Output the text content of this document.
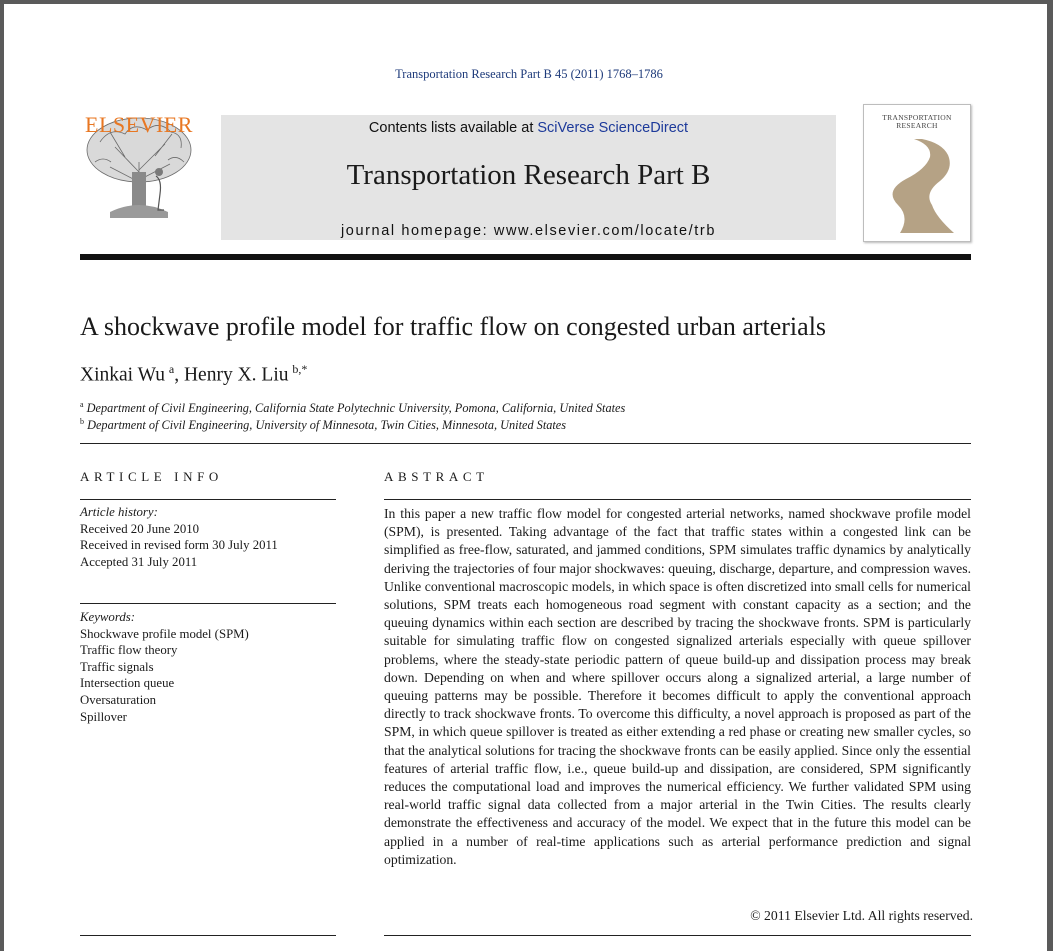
Transportation Research Part B 45 (2011) 1768–1786
ELSEVIER	Contents lists available at SciVerse ScienceDirect
Transportation Research Part B
journal homepage: www.elsevier.com/locate/trb
TRANSPORTATION
RESEARCH
A shockwave profile model for traffic flow on congested urban arterials
Xinkai Wu  $^a$, Henry X. Liu  $^{b,*}$
$^a$ Department of Civil Engineering, California State Polytechnic University, Pomona, California, United States
$^b$ Department of Civil Engineering, University of Minnesota, Twin Cities, Minnesota, United States
ARTICLE INFO
Article history:
Received 20 June 2010
Received in revised form 30 July 2011
Accepted 31 July 2011
Keywords:
Shockwave profile model (SPM)
Traffic flow theory
Traffic signals
Intersection queue
Oversaturation
Spillover
ABSTRACT
In this paper a new traffic flow model for congested arterial networks, named shockwave profile model (SPM), is presented. Taking advantage of the fact that traffic states within a congested link can be simplified as free-flow, saturated, and jammed conditions, SPM simulates traffic dynamics by analytically deriving the trajectories of four major shockwaves: queuing, discharge, departure, and compression waves. Unlike conventional macroscopic models, in which space is often discretized into small cells for numerical solutions, SPM treats each homogeneous road segment with constant capacity as a section; and the queuing dynamics within each section are described by tracing the shockwave fronts. SPM is particularly suitable for simulating traffic flow on congested signalized arterials especially with queue spillover problems, where the steady-state periodic pattern of queue build-up and dissipation process may break down. Depending on when and where spillover occurs along a signalized arterial, a large number of queuing patterns may be possible. Therefore it becomes difficult to apply the conventional approach directly to track shockwave fronts. To overcome this difficulty, a novel approach is proposed as part of the SPM, in which queue spillover is treated as either extending a red phase or creating new smaller cycles, so that the analytical solutions for tracing the shockwave fronts can be easily applied. Since only the essential features of arterial traffic flow, i.e., queue build-up and dissipation, are considered, SPM significantly reduces the computational load and improves the numerical efficiency. We further validated SPM using real-world traffic signal data collected from a major arterial in the Twin Cities. The results clearly demonstrate the effectiveness and accuracy of the model. We expect that in the future this model can be applied in a number of real-time applications such as arterial performance prediction and signal optimization.
© 2011 Elsevier Ltd. All rights reserved.
